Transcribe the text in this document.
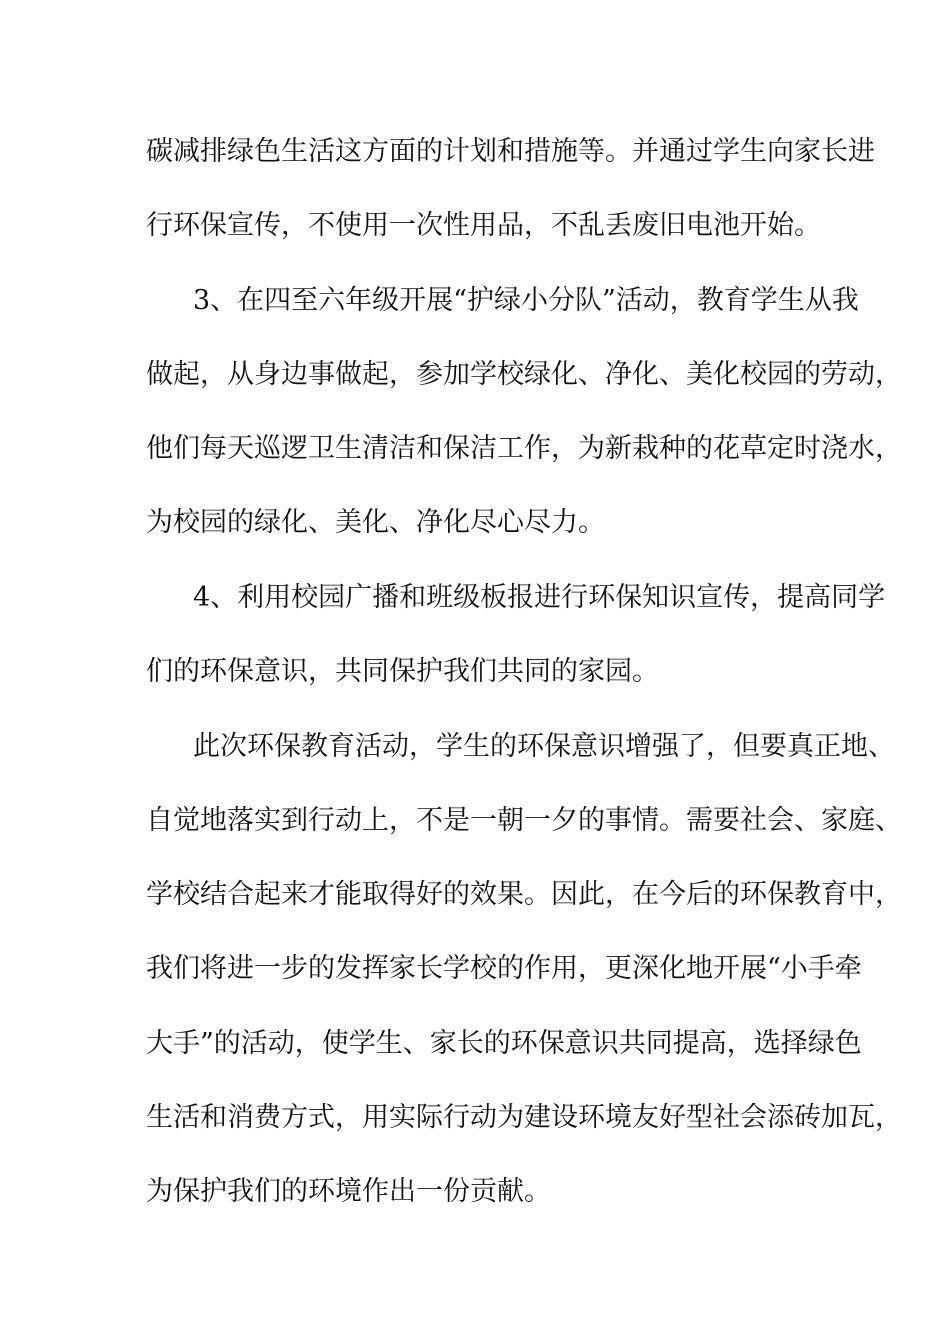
碳减排绿色生活这方面的计划和措施等。并通过学生向家长进
行环保宣传，不使用一次性用品，不乱丢废旧电池开始。
3、在四至六年级开展“护绿小分队”活动，教育学生从我
做起，从身边事做起，参加学校绿化、净化、美化校园的劳动，
他们每天巡逻卫生清洁和保洁工作，为新栽种的花草定时浇水，
为校园的绿化、美化、净化尽心尽力。
4、利用校园广播和班级板报进行环保知识宣传，提高同学
们的环保意识，共同保护我们共同的家园。
此次环保教育活动，学生的环保意识增强了，但要真正地、
自觉地落实到行动上，不是一朝一夕的事情。需要社会、家庭、
学校结合起来才能取得好的效果。因此，在今后的环保教育中，
我们将进一步的发挥家长学校的作用，更深化地开展“小手牵
大手”的活动，使学生、家长的环保意识共同提高，选择绿色
生活和消费方式，用实际行动为建设环境友好型社会添砖加瓦，
为保护我们的环境作出一份贡献。
